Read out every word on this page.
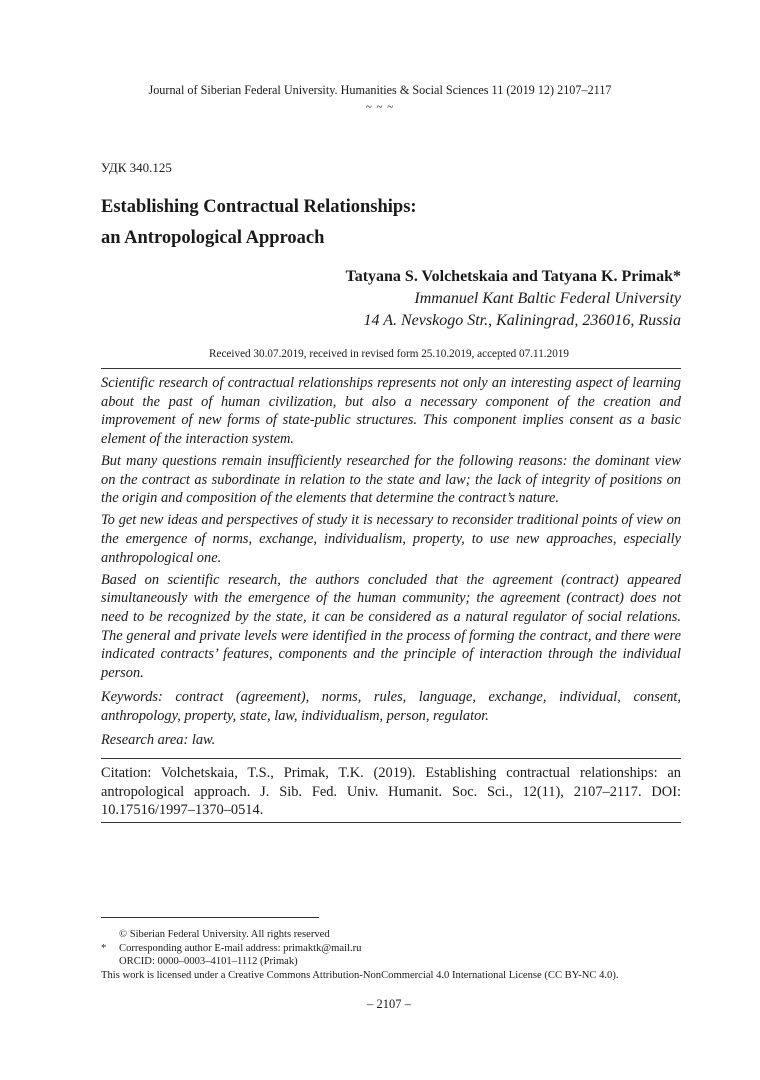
Journal of Siberian Federal University. Humanities & Social Sciences 11 (2019 12) 2107–2117
~ ~ ~
УДК 340.125
Establishing Contractual Relationships:
an Antropological Approach
Tatyana S. Volchetskaia and Tatyana K. Primak*
Immanuel Kant Baltic Federal University
14 A. Nevskogo Str., Kaliningrad, 236016, Russia
Received 30.07.2019, received in revised form 25.10.2019, accepted 07.11.2019

Scientific research of contractual relationships represents not only an interesting aspect of learning about the past of human civilization, but also a necessary component of the creation and improvement of new forms of state-public structures. This component implies consent as a basic element of the interaction system.

But many questions remain insufficiently researched for the following reasons: the dominant view on the contract as subordinate in relation to the state and law; the lack of integrity of positions on the origin and composition of the elements that determine the contract’s nature.

To get new ideas and perspectives of study it is necessary to reconsider traditional points of view on the emergence of norms, exchange, individualism, property, to use new approaches, especially anthropological one.

Based on scientific research, the authors concluded that the agreement (contract) appeared simultaneously with the emergence of the human community; the agreement (contract) does not need to be recognized by the state, it can be considered as a natural regulator of social relations. The general and private levels were identified in the process of forming the contract, and there were indicated contracts’ features, components and the principle of interaction through the individual person.

Keywords: contract (agreement), norms, rules, language, exchange, individual, consent, anthropology, property, state, law, individualism, person, regulator.

Research area: law.

Citation: Volchetskaia, T.S., Primak, T.K. (2019). Establishing contractual relationships: an antropological approach. J. Sib. Fed. Univ. Humanit. Soc. Sci., 12(11), 2107–2117. DOI: 10.17516/1997–1370–0514.
© Siberian Federal University. All rights reserved
* Corresponding author E-mail address: primaktk@mail.ru
ORCID: 0000–0003–4101–1112 (Primak)
This work is licensed under a Creative Commons Attribution-NonCommercial 4.0 International License (CC BY-NC 4.0).
– 2107 –
